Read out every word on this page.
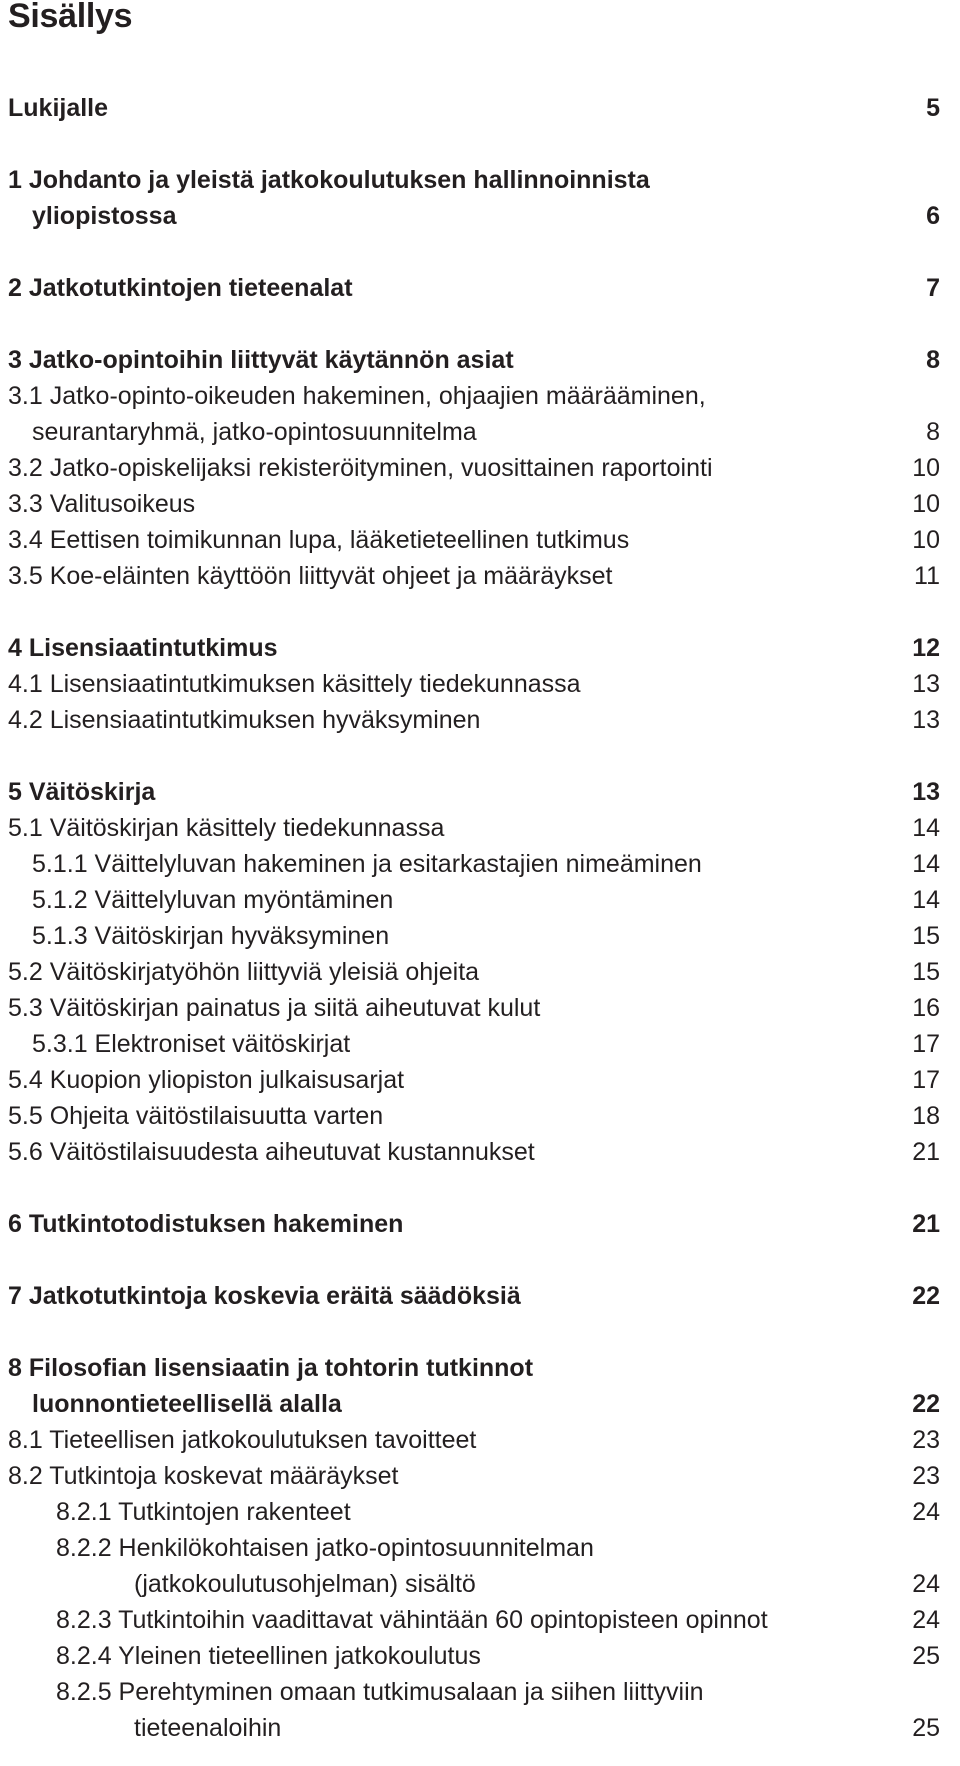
Sisällys
Lukijalle	5
1 Johdanto ja yleistä jatkokoulutuksen hallinnoinnista
yliopistossa	6
2 Jatkotutkintojen tieteenalat	7
3 Jatko-opintoihin liittyvät käytännön asiat	8
3.1 Jatko-opinto-oikeuden hakeminen, ohjaajien määrääminen,
seurantaryhmä, jatko-opintosuunnitelma	8
3.2 Jatko-opiskelijaksi rekisteröityminen, vuosittainen raportointi	10
3.3 Valitusoikeus	10
3.4 Eettisen toimikunnan lupa, lääketieteellinen tutkimus	10
3.5 Koe-eläinten käyttöön liittyvät ohjeet ja määräykset	11
4 Lisensiaatintutkimus	12
4.1 Lisensiaatintutkimuksen käsittely tiedekunnassa	13
4.2 Lisensiaatintutkimuksen hyväksyminen	13
5 Väitöskirja	13
5.1 Väitöskirjan käsittely tiedekunnassa	14
5.1.1 Väittelyluvan hakeminen ja esitarkastajien nimeäminen	14
5.1.2 Väittelyluvan myöntäminen	14
5.1.3 Väitöskirjan hyväksyminen	15
5.2 Väitöskirjatyöhön liittyviä yleisiä ohjeita	15
5.3 Väitöskirjan painatus ja siitä aiheutuvat kulut	16
5.3.1 Elektroniset väitöskirjat	17
5.4 Kuopion yliopiston julkaisusarjat	17
5.5 Ohjeita väitöstilaisuutta varten	18
5.6 Väitöstilaisuudesta aiheutuvat kustannukset	21
6 Tutkintotodistuksen hakeminen	21
7 Jatkotutkintoja koskevia eräitä säädöksiä	22
8 Filosofian lisensiaatin ja tohtorin tutkinnot
luonnontieteellisellä alalla	22
8.1 Tieteellisen jatkokoulutuksen tavoitteet	23
8.2 Tutkintoja koskevat määräykset	23
8.2.1 Tutkintojen rakenteet	24
8.2.2 Henkilökohtaisen jatko-opintosuunnitelman
(jatkokoulutusohjelman) sisältö	24
8.2.3 Tutkintoihin vaadittavat vähintään 60 opintopisteen opinnot	24
8.2.4 Yleinen tieteellinen jatkokoulutus	25
8.2.5 Perehtyminen omaan tutkimusalaan ja siihen liittyviin
tieteenaloihin	25
